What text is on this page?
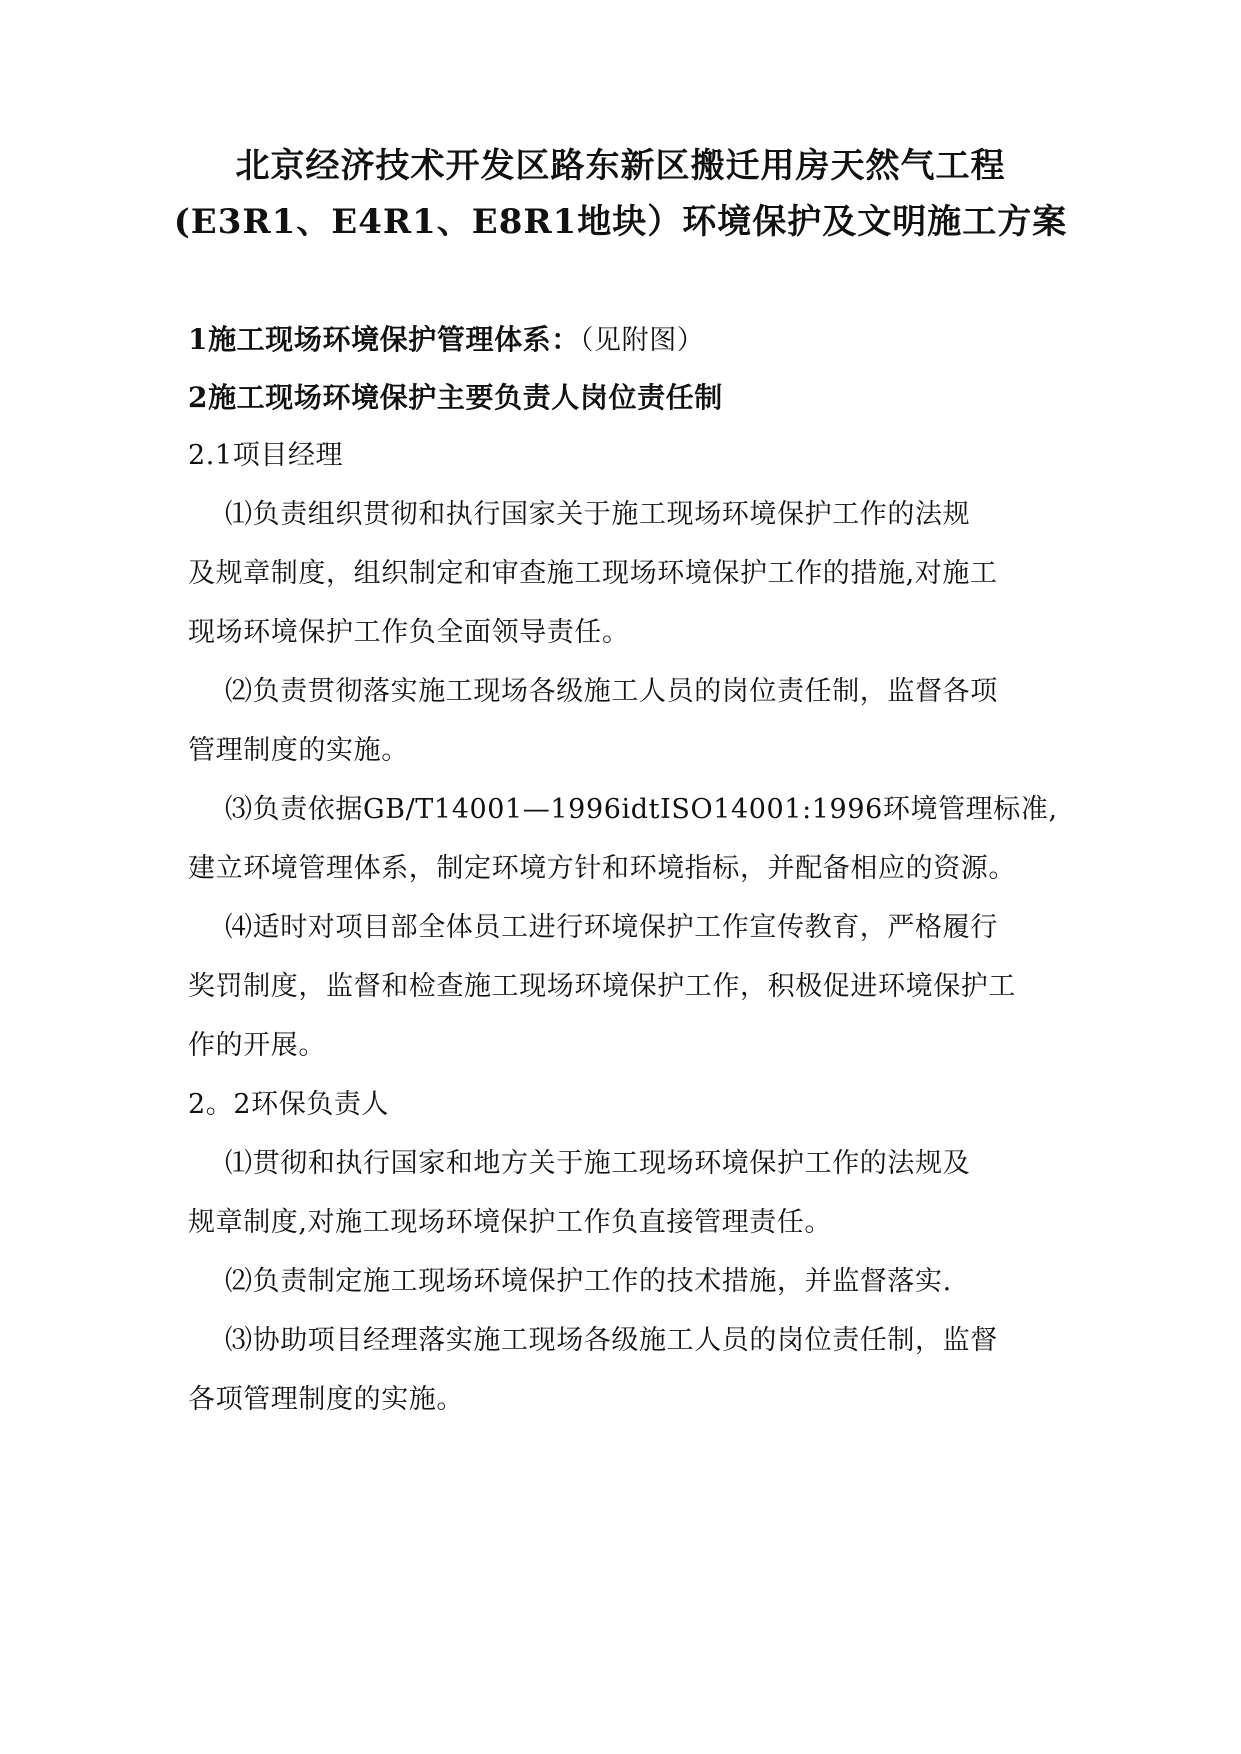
北京经济技术开发区路东新区搬迁用房天然气工程
(E3R1、E4R1、E8R1地块）环境保护及文明施工方案
1施工现场环境保护管理体系：（见附图）
2施工现场环境保护主要负责人岗位责任制
2.1项目经理
⑴负责组织贯彻和执行国家关于施工现场环境保护工作的法规
及规章制度，组织制定和审查施工现场环境保护工作的措施,对施工
现场环境保护工作负全面领导责任。
⑵负责贯彻落实施工现场各级施工人员的岗位责任制，监督各项
管理制度的实施。
⑶负责依据GB/T14001—1996idtISO14001:1996环境管理标准,
建立环境管理体系，制定环境方针和环境指标，并配备相应的资源。
⑷适时对项目部全体员工进行环境保护工作宣传教育，严格履行
奖罚制度，监督和检查施工现场环境保护工作，积极促进环境保护工
作的开展。
2。2环保负责人
⑴贯彻和执行国家和地方关于施工现场环境保护工作的法规及
规章制度,对施工现场环境保护工作负直接管理责任。
⑵负责制定施工现场环境保护工作的技术措施，并监督落实.
⑶协助项目经理落实施工现场各级施工人员的岗位责任制，监督
各项管理制度的实施。
